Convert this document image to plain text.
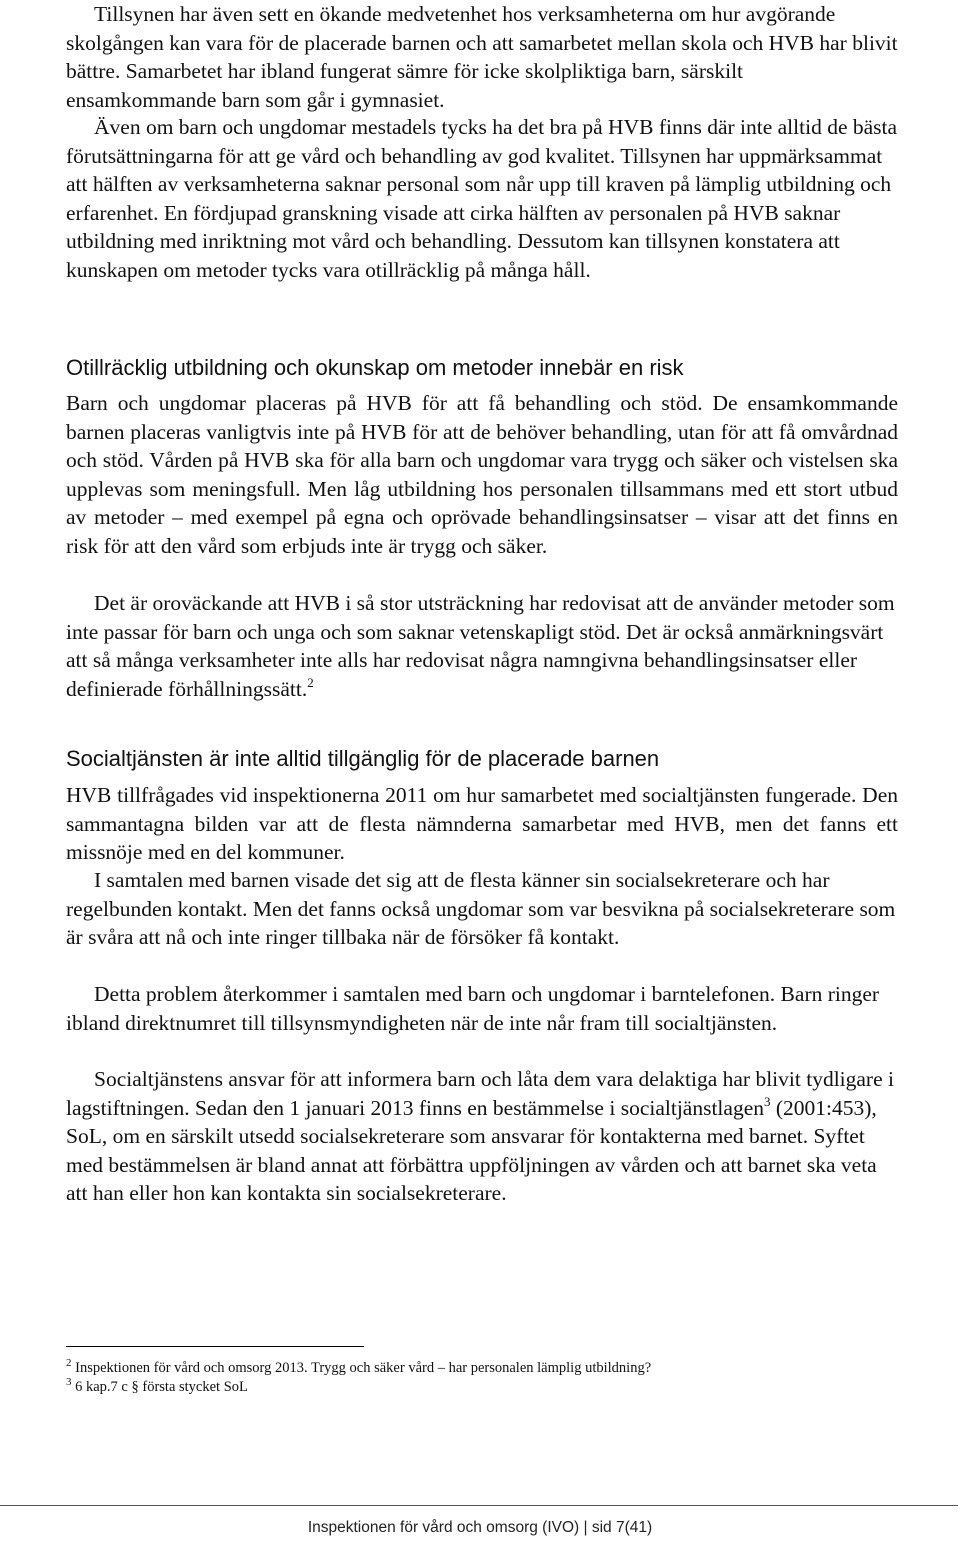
Tillsynen har även sett en ökande medvetenhet hos verksamheterna om hur avgörande skolgången kan vara för de placerade barnen och att samarbetet mellan skola och HVB har blivit bättre. Samarbetet har ibland fungerat sämre för icke skolpliktiga barn, särskilt ensamkommande barn som går i gymnasiet.

Även om barn och ungdomar mestadels tycks ha det bra på HVB finns där inte alltid de bästa förutsättningarna för att ge vård och behandling av god kvalitet. Tillsynen har uppmärksammat att hälften av verksamheterna saknar personal som når upp till kraven på lämplig utbildning och erfarenhet. En fördjupad granskning visade att cirka hälften av personalen på HVB saknar utbildning med inriktning mot vård och behandling. Dessutom kan tillsynen konstatera att kunskapen om metoder tycks vara otillräcklig på många håll.

Otillräcklig utbildning och okunskap om metoder innebär en risk

Barn och ungdomar placeras på HVB för att få behandling och stöd. De ensamkommande barnen placeras vanligtvis inte på HVB för att de behöver behandling, utan för att få omvårdnad och stöd. Vården på HVB ska för alla barn och ungdomar vara trygg och säker och vistelsen ska upplevas som meningsfull. Men låg utbildning hos personalen tillsammans med ett stort utbud av metoder – med exempel på egna och oprövade behandlingsinsatser – visar att det finns en risk för att den vård som erbjuds inte är trygg och säker.

Det är oroväckande att HVB i så stor utsträckning har redovisat att de använder metoder som inte passar för barn och unga och som saknar vetenskapligt stöd. Det är också anmärkningsvärt att så många verksamheter inte alls har redovisat några namngivna behandlingsinsatser eller definierade förhållningssätt.$^2$

Socialtjänsten är inte alltid tillgänglig för de placerade barnen

HVB tillfrågades vid inspektionerna 2011 om hur samarbetet med socialtjänsten fungerade. Den sammantagna bilden var att de flesta nämnderna samarbetar med HVB, men det fanns ett missnöje med en del kommuner.

I samtalen med barnen visade det sig att de flesta känner sin socialsekreterare och har regelbunden kontakt. Men det fanns också ungdomar som var besvikna på socialsekreterare som är svåra att nå och inte ringer tillbaka när de försöker få kontakt.

Detta problem återkommer i samtalen med barn och ungdomar i barntelefonen. Barn ringer ibland direktnumret till tillsynsmyndigheten när de inte når fram till socialtjänsten.

Socialtjänstens ansvar för att informera barn och låta dem vara delaktiga har blivit tydligare i lagstiftningen. Sedan den 1 januari 2013 finns en bestämmelse i socialtjänstlagen$^3$ (2001:453), SoL, om en särskilt utsedd socialsekreterare som ansvarar för kontakterna med barnet. Syftet med bestämmelsen är bland annat att förbättra uppföljningen av vården och att barnet ska veta att han eller hon kan kontakta sin socialsekreterare.

$^2$ Inspektionen för vård och omsorg 2013. Trygg och säker vård – har personalen lämplig utbildning?

$^3$ 6 kap.7 c § första stycket SoL

Inspektionen för vård och omsorg (IVO) | sid 7(41)
